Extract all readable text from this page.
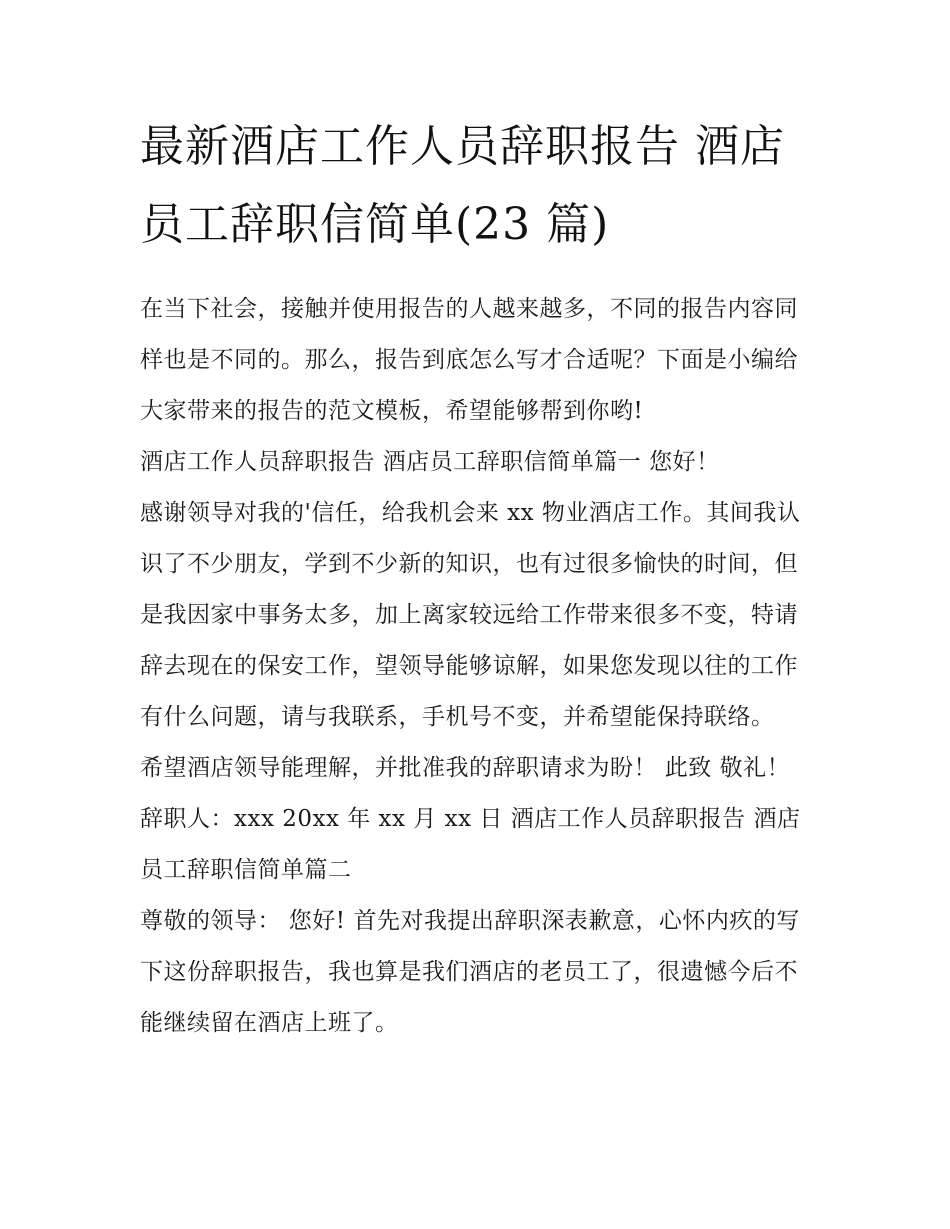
最新酒店工作人员辞职报告 酒店员工辞职信简单(23 篇)

在当下社会，接触并使用报告的人越来越多，不同的报告内容同样也是不同的。那么，报告到底怎么写才合适呢？下面是小编给大家带来的报告的范文模板，希望能够帮到你哟!

酒店工作人员辞职报告 酒店员工辞职信简单篇一 您好！

感谢领导对我的'信任，给我机会来 xx 物业酒店工作。其间我认识了不少朋友，学到不少新的知识，也有过很多愉快的时间，但是我因家中事务太多，加上离家较远给工作带来很多不变，特请辞去现在的保安工作，望领导能够谅解，如果您发现以往的工作有什么问题，请与我联系，手机号不变，并希望能保持联络。

希望酒店领导能理解，并批准我的辞职请求为盼！ 此致 敬礼！ 辞职人：xxx 20xx 年 xx 月 xx 日 酒店工作人员辞职报告 酒店员工辞职信简单篇二

尊敬的领导： 您好! 首先对我提出辞职深表歉意，心怀内疚的写下这份辞职报告，我也算是我们酒店的老员工了，很遗憾今后不能继续留在酒店上班了。
